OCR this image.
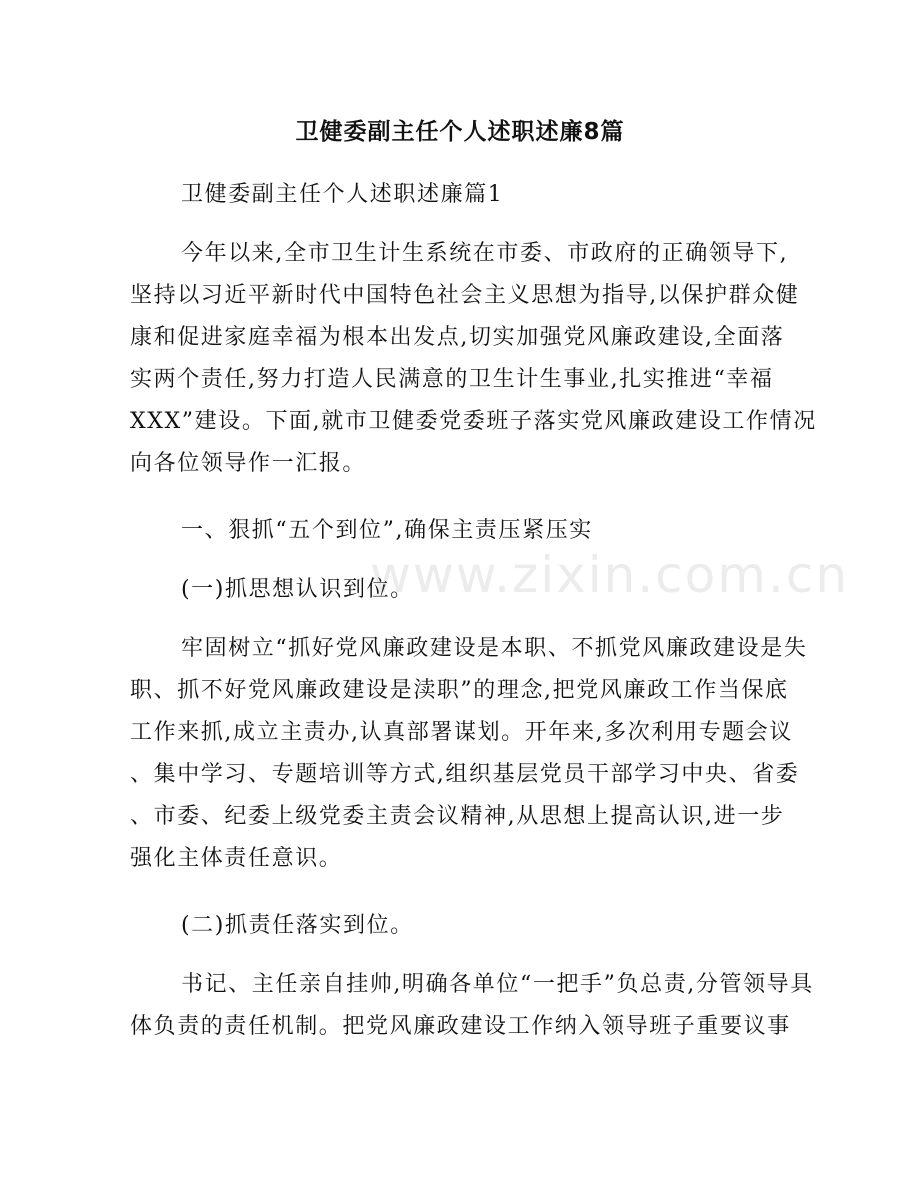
卫健委副主任个人述职述廉8篇
卫健委副主任个人述职述廉篇1
今年以来,全市卫生计生系统在市委、市政府的正确领导下,
坚持以习近平新时代中国特色社会主义思想为指导,以保护群众健
康和促进家庭幸福为根本出发点,切实加强党风廉政建设,全面落
实两个责任,努力打造人民满意的卫生计生事业,扎实推进“幸福
XXX”建设。下面,就市卫健委党委班子落实党风廉政建设工作情况
向各位领导作一汇报。
一、狠抓“五个到位”,确保主责压紧压实
(一)抓思想认识到位。
牢固树立“抓好党风廉政建设是本职、不抓党风廉政建设是失
职、抓不好党风廉政建设是渎职”的理念,把党风廉政工作当保底
工作来抓,成立主责办,认真部署谋划。开年来,多次利用专题会议
、集中学习、专题培训等方式,组织基层党员干部学习中央、省委
、市委、纪委上级党委主责会议精神,从思想上提高认识,进一步
强化主体责任意识。
(二)抓责任落实到位。
书记、主任亲自挂帅,明确各单位“一把手”负总责,分管领导具
体负责的责任机制。把党风廉政建设工作纳入领导班子重要议事
www.zixin.com.cn
